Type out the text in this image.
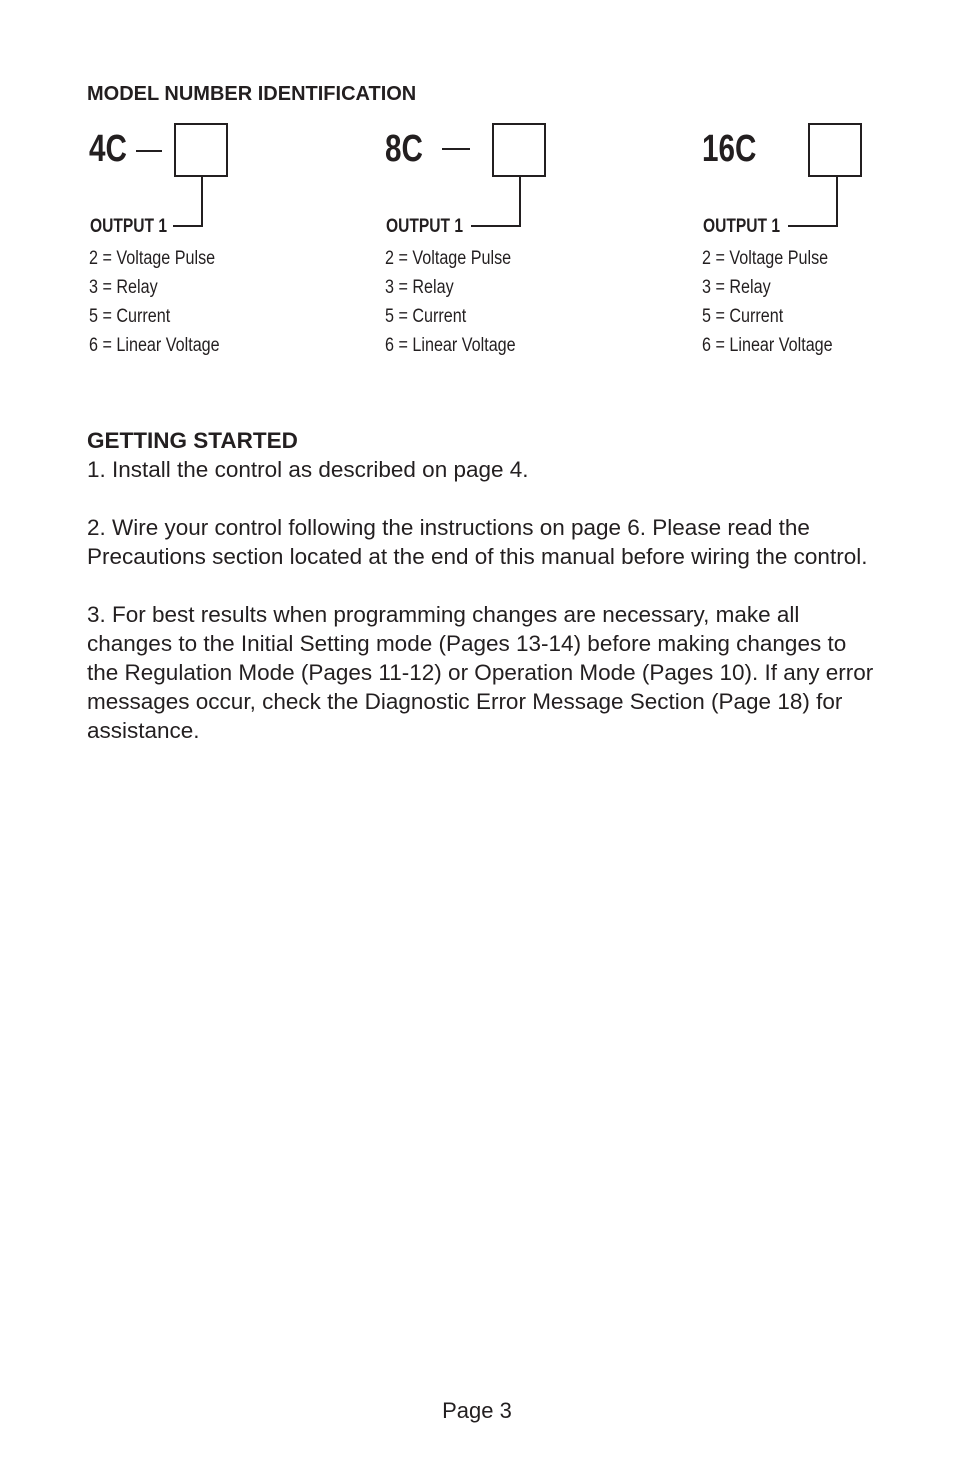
MODEL NUMBER IDENTIFICATION
4C
OUTPUT 1
2 = Voltage Pulse
3 = Relay
5 = Current
6 = Linear Voltage
8C
OUTPUT 1
2 = Voltage Pulse
3 = Relay
5 = Current
6 = Linear Voltage
16C
OUTPUT 1
2 = Voltage Pulse
3 = Relay
5 = Current
6 = Linear Voltage
GETTING STARTED

1. Install the control as described on page 4.

2. Wire your control following the instructions on page 6. Please read the Precautions section located at the end of this manual before wiring the control.

3. For best results when programming changes are necessary, make all changes to the Initial Setting mode (Pages 13-14) before making changes to the Regulation Mode (Pages 11-12) or Operation Mode (Pages 10). If any error messages occur, check the Diagnostic Error Message Section (Page 18) for assistance.

Page 3
